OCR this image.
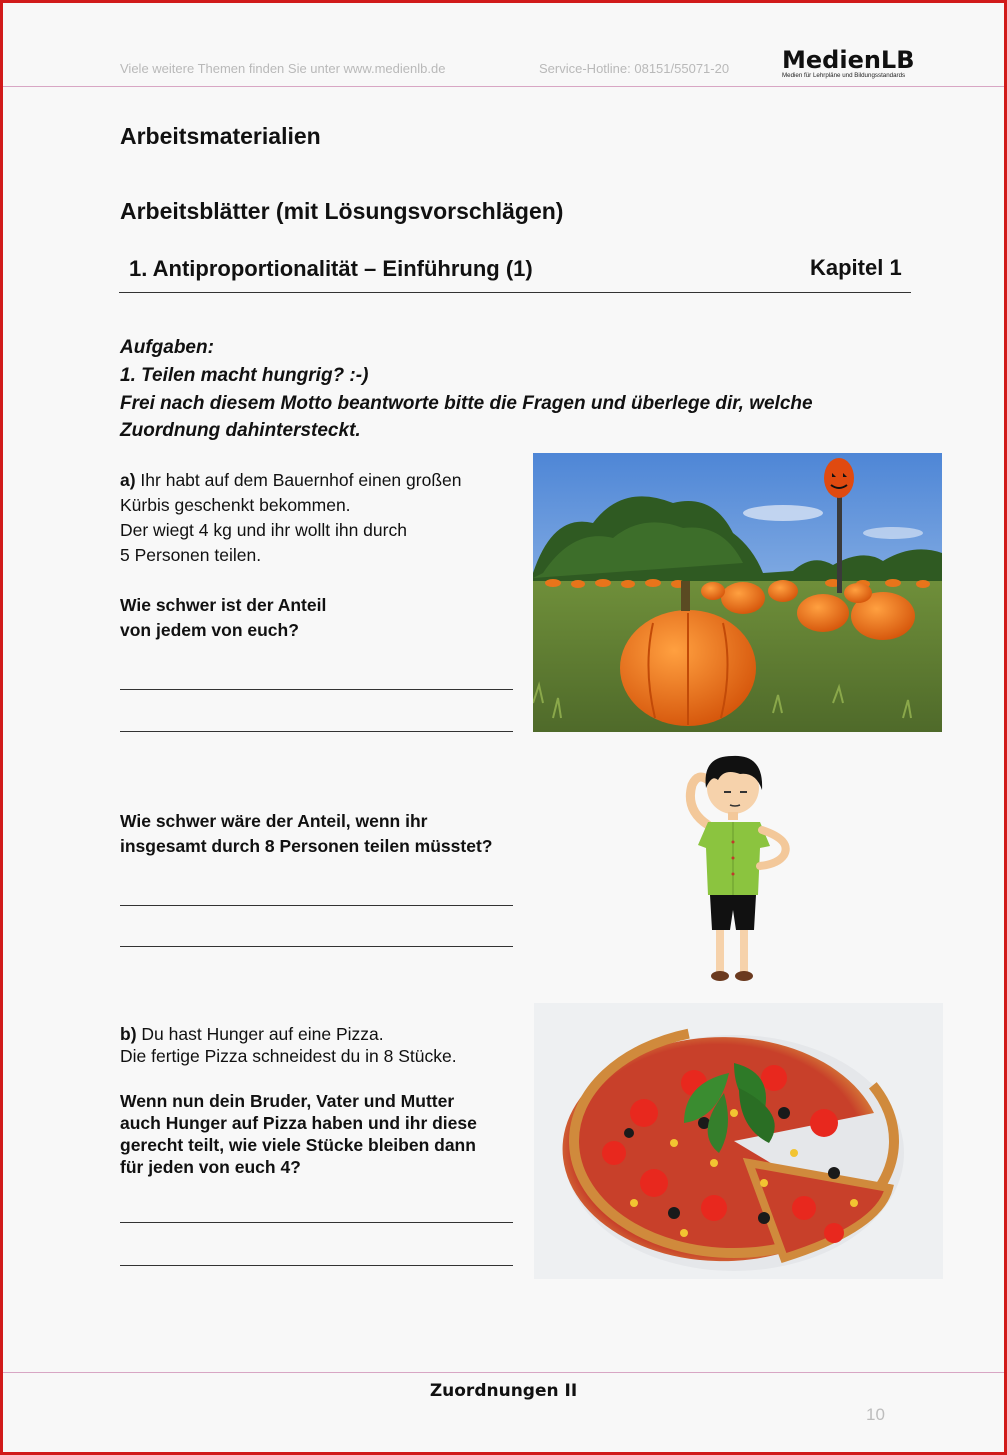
Viele weitere Themen finden Sie unter www.medienlb.de	Service-Hotline: 08151/55071-20 MedienLB
Medien für Lehrpläne und Bildungsstandards
Arbeitsmaterialien
Arbeitsblätter (mit Lösungsvorschlägen)
1. Antiproportionalität – Einführung (1)	Kapitel 1
Aufgaben:
1. Teilen macht hungrig? :-)
Frei nach diesem Motto beantworte bitte die Fragen und überlege dir, welche
Zuordnung dahintersteckt.
a) Ihr habt auf dem Bauernhof einen großen
Kürbis geschenkt bekommen.
Der wiegt 4 kg und ihr wollt ihn durch
5 Personen teilen.
Wie schwer ist der Anteil
von jedem von euch?
Wie schwer wäre der Anteil, wenn ihr
insgesamt durch 8 Personen teilen müsstet?
b) Du hast Hunger auf eine Pizza.
Die fertige Pizza schneidest du in 8 Stücke.
Wenn nun dein Bruder, Vater und Mutter
auch Hunger auf Pizza haben und ihr diese
gerecht teilt, wie viele Stücke bleiben dann
für jeden von euch 4?
Zuordnungen II
10
